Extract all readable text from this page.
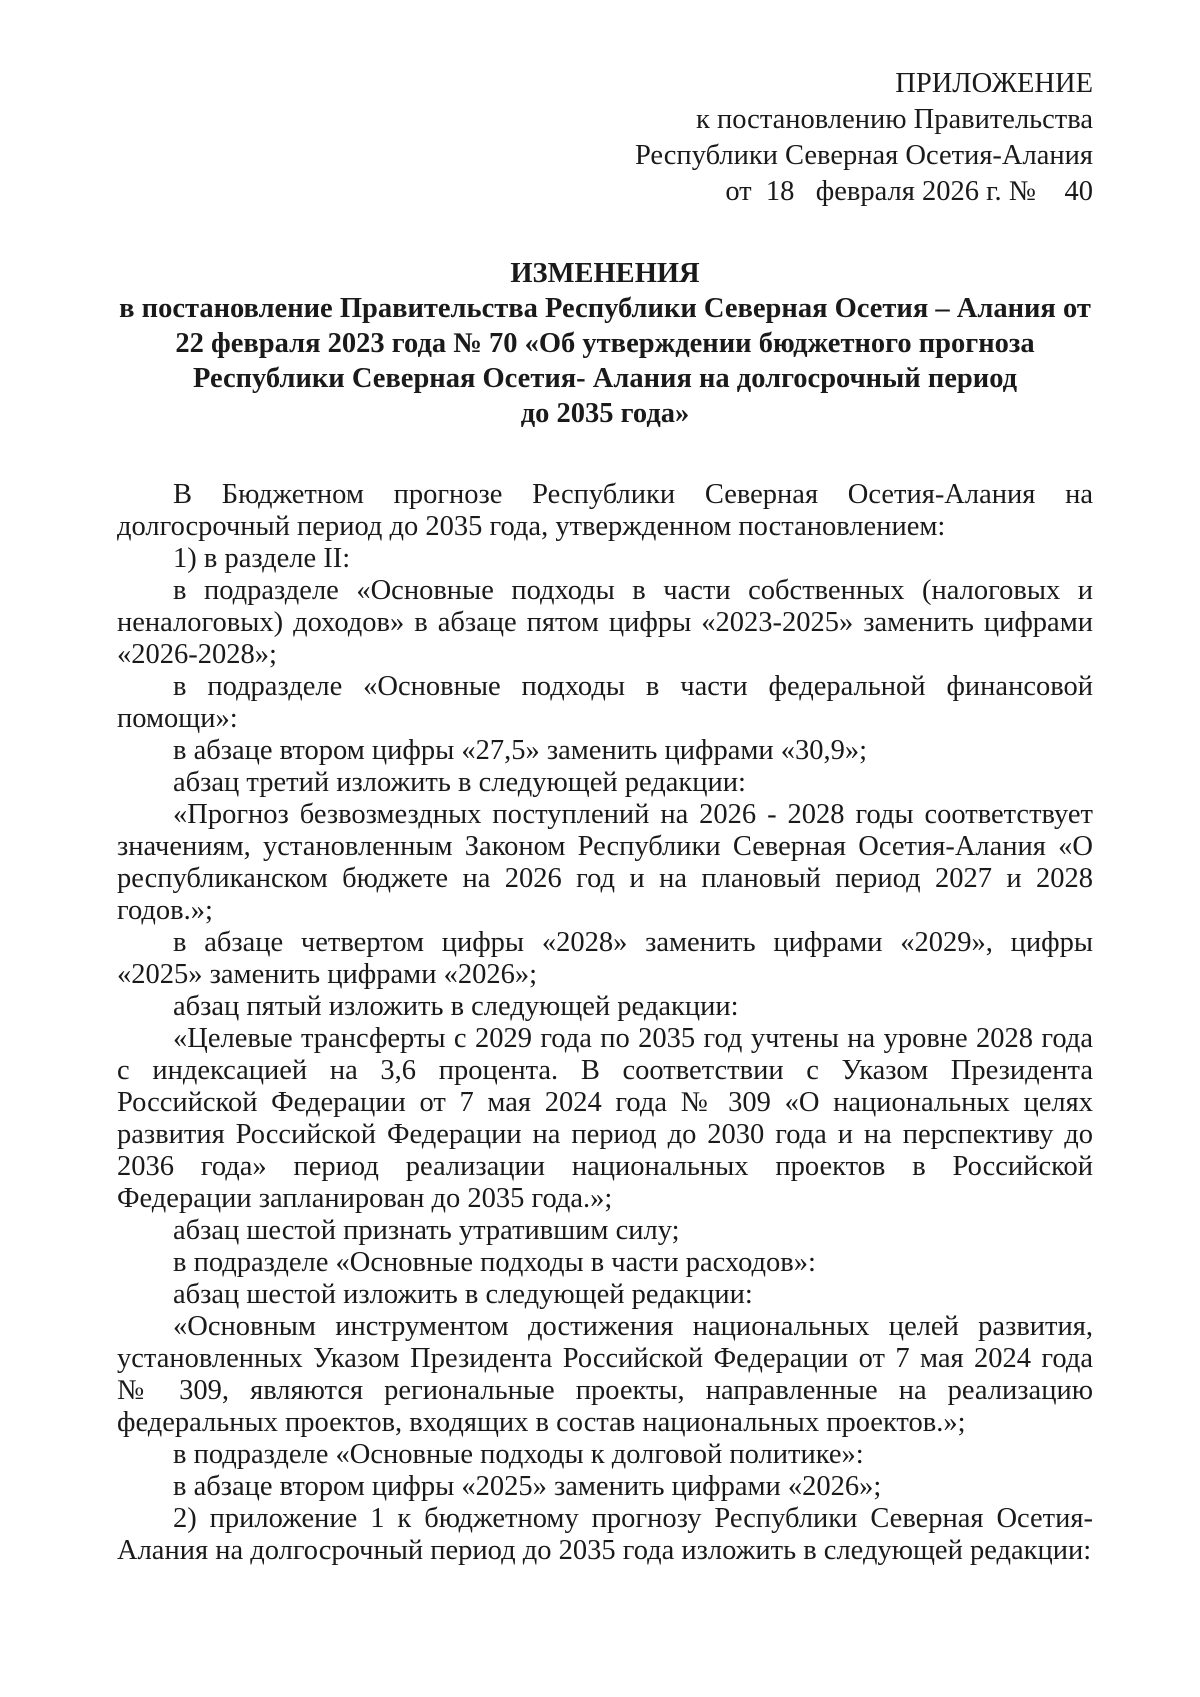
ПРИЛОЖЕНИЕ
к постановлению Правительства
Республики Северная Осетия-Алания
от  18   февраля 2026 г. №    40
ИЗМЕНЕНИЯ
в постановление Правительства Республики Северная Осетия – Алания от
22 февраля 2023 года № 70 «Об утверждении бюджетного прогноза
Республики Северная Осетия- Алания на долгосрочный период
до 2035 года»

В Бюджетном прогнозе Республики Северная Осетия-Алания на долгосрочный период до 2035 года, утвержденном постановлением:

1) в разделе II:

в подразделе «Основные подходы в части собственных (налоговых и неналоговых) доходов» в абзаце пятом цифры «2023-2025» заменить цифрами «2026-2028»;

в подразделе «Основные подходы в части федеральной финансовой помощи»:

в абзаце втором цифры «27,5» заменить цифрами «30,9»;

абзац третий изложить в следующей редакции:

«Прогноз безвозмездных поступлений на 2026 - 2028 годы соответствует значениям, установленным Законом Республики Северная Осетия-Алания «О республиканском бюджете на 2026 год и на плановый период 2027 и 2028 годов.»;

в абзаце четвертом цифры «2028» заменить цифрами «2029», цифры «2025» заменить цифрами «2026»;

абзац пятый изложить в следующей редакции:

«Целевые трансферты с 2029 года по 2035 год учтены на уровне 2028 года с индексацией на 3,6 процента. В соответствии с Указом Президента Российской Федерации от 7 мая 2024 года № 309 «О национальных целях развития Российской Федерации на период до 2030 года и на перспективу до 2036 года» период реализации национальных проектов в Российской Федерации запланирован до 2035 года.»;

абзац шестой признать утратившим силу;

в подразделе «Основные подходы в части расходов»:

абзац шестой изложить в следующей редакции:

«Основным инструментом достижения национальных целей развития, установленных Указом Президента Российской Федерации от 7 мая 2024 года № 309, являются региональные проекты, направленные на реализацию федеральных проектов, входящих в состав национальных проектов.»;

в подразделе «Основные подходы к долговой политике»:

в абзаце втором цифры «2025» заменить цифрами «2026»;

2) приложение 1 к бюджетному прогнозу Республики Северная Осетия-Алания на долгосрочный период до 2035 года изложить в следующей редакции:
